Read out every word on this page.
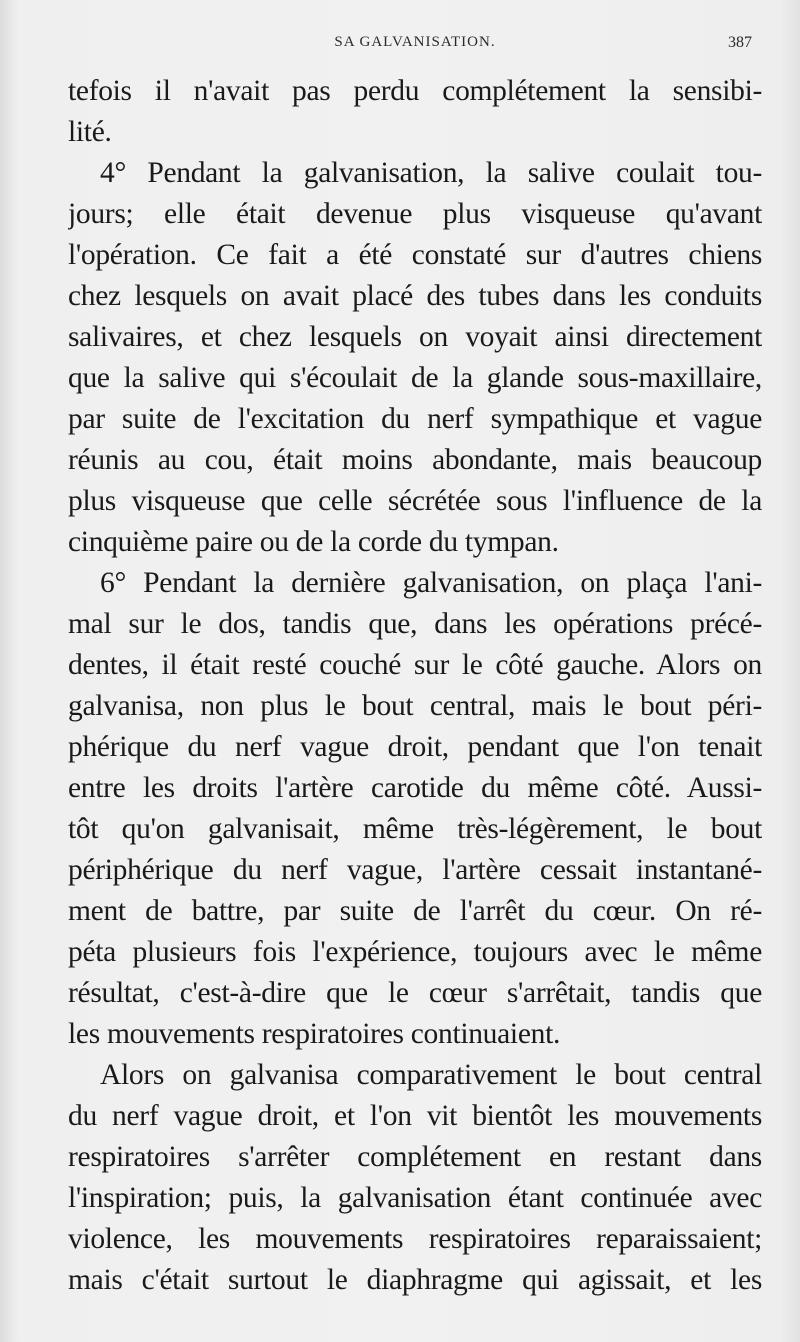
SA GALVANISATION.	387
tefois il n'avait pas perdu complétement la sensibi-
lité.
4° Pendant la galvanisation, la salive coulait tou-
jours; elle était devenue plus visqueuse qu'avant
l'opération. Ce fait a été constaté sur d'autres chiens
chez lesquels on avait placé des tubes dans les conduits
salivaires, et chez lesquels on voyait ainsi directement
que la salive qui s'écoulait de la glande sous-maxillaire,
par suite de l'excitation du nerf sympathique et vague
réunis au cou, était moins abondante, mais beaucoup
plus visqueuse que celle sécrétée sous l'influence de la
cinquième paire ou de la corde du tympan.
6° Pendant la dernière galvanisation, on plaça l'ani-
mal sur le dos, tandis que, dans les opérations précé-
dentes, il était resté couché sur le côté gauche. Alors on
galvanisa, non plus le bout central, mais le bout péri-
phérique du nerf vague droit, pendant que l'on tenait
entre les droits l'artère carotide du même côté. Aussi-
tôt qu'on galvanisait, même très-légèrement, le bout
périphérique du nerf vague, l'artère cessait instantané-
ment de battre, par suite de l'arrêt du cœur. On ré-
péta plusieurs fois l'expérience, toujours avec le même
résultat, c'est-à-dire que le cœur s'arrêtait, tandis que
les mouvements respiratoires continuaient.
Alors on galvanisa comparativement le bout central
du nerf vague droit, et l'on vit bientôt les mouvements
respiratoires s'arrêter complétement en restant dans
l'inspiration; puis, la galvanisation étant continuée avec
violence, les mouvements respiratoires reparaissaient;
mais c'était surtout le diaphragme qui agissait, et les
